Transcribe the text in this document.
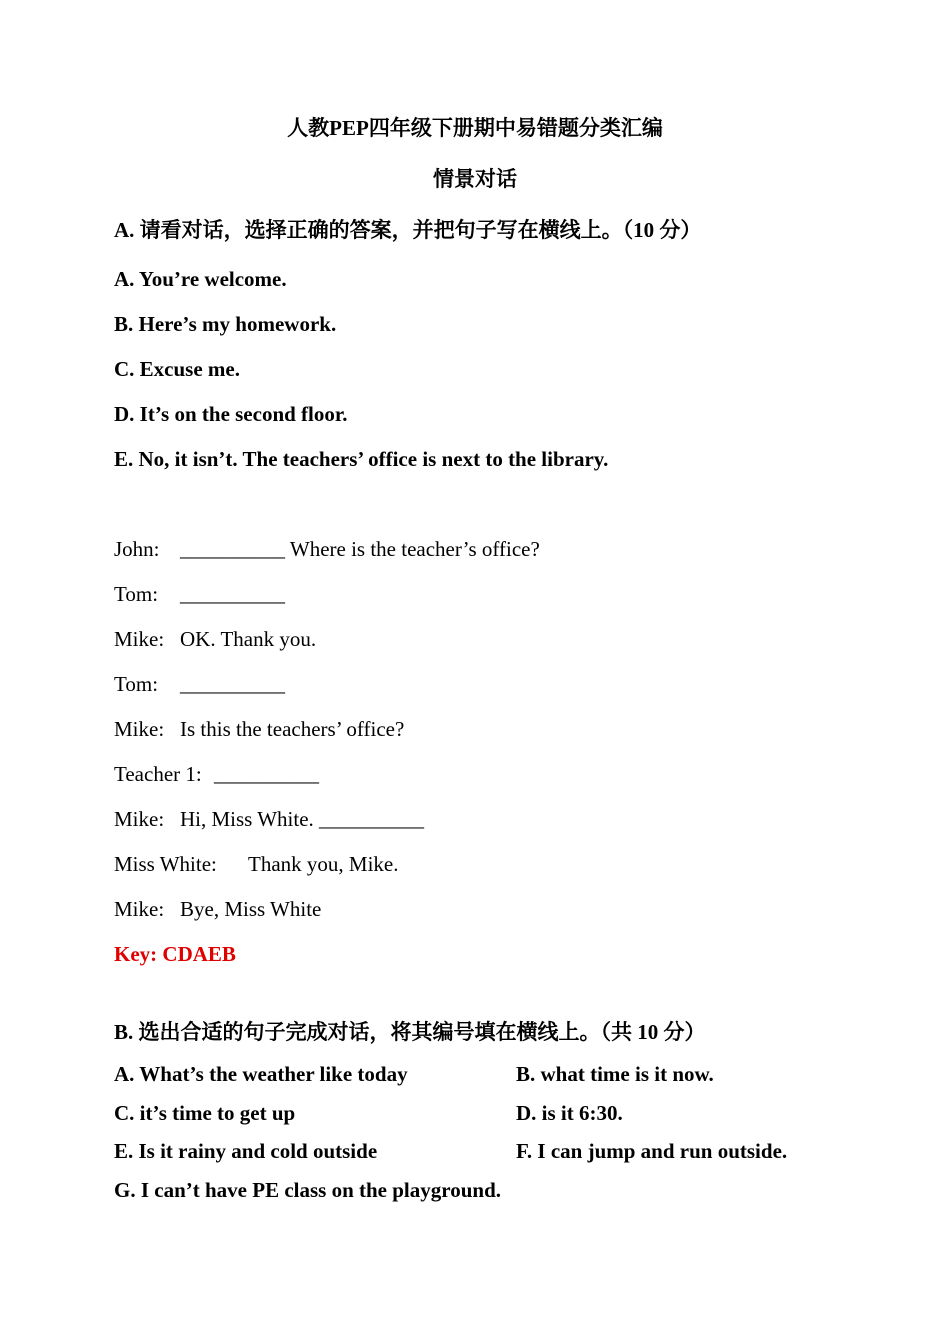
人教PEP四年级下册期中易错题分类汇编
情景对话
A. 请看对话，选择正确的答案，并把句子写在横线上。（10 分）
A. You’re welcome.
B. Here’s my homework.
C. Excuse me.
D. It’s on the second floor.
E. No, it isn’t. The teachers’ office is next to the library.
John: __________ Where is the teacher’s office?
Tom: __________
Mike: OK. Thank you.
Tom: __________
Mike: Is this the teachers’ office?
Teacher 1: __________
Mike: Hi, Miss White. __________
Miss White: Thank you, Mike.
Mike: Bye, Miss White
Key: CDAEB
B. 选出合适的句子完成对话，将其编号填在横线上。（共 10 分）
A. What’s the weather like today	B. what time is it now.
C. it’s time to get up	D. is it 6:30.
E. Is it rainy and cold outside	F. I can jump and run outside.
G. I can’t have PE class on the playground.
